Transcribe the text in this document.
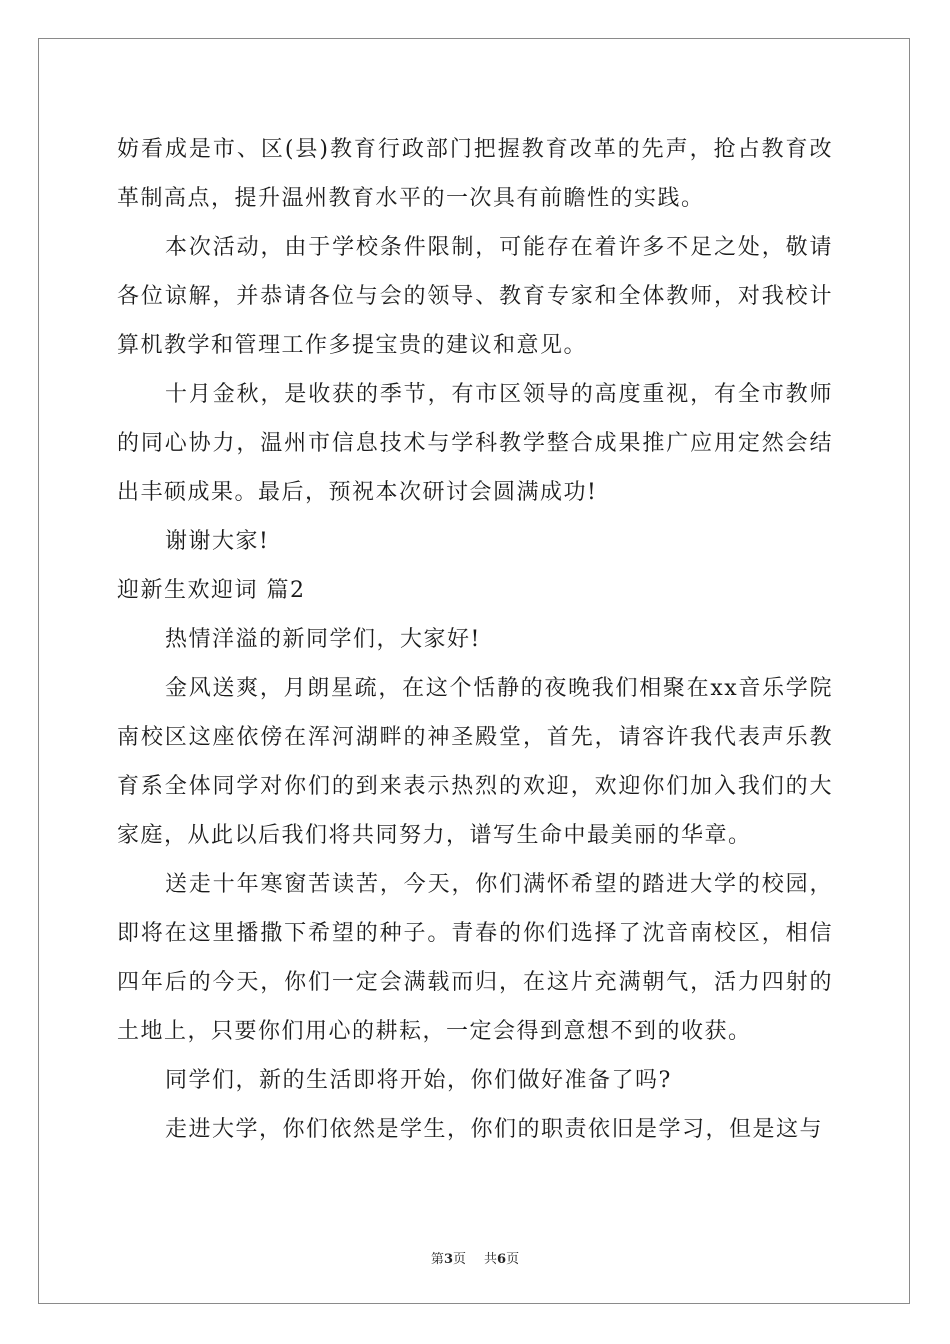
妨看成是市、区(县)教育行政部门把握教育改革的先声，抢占教育改革制高点，提升温州教育水平的一次具有前瞻性的实践。

本次活动，由于学校条件限制，可能存在着许多不足之处，敬请各位谅解，并恭请各位与会的领导、教育专家和全体教师，对我校计算机教学和管理工作多提宝贵的建议和意见。

十月金秋，是收获的季节，有市区领导的高度重视，有全市教师的同心协力，温州市信息技术与学科教学整合成果推广应用定然会结出丰硕成果。最后，预祝本次研讨会圆满成功!

谢谢大家!

迎新生欢迎词 篇2

热情洋溢的新同学们，大家好!

金风送爽，月朗星疏，在这个恬静的夜晚我们相聚在xx音乐学院南校区这座依傍在浑河湖畔的神圣殿堂，首先，请容许我代表声乐教育系全体同学对你们的到来表示热烈的欢迎，欢迎你们加入我们的大家庭，从此以后我们将共同努力，谱写生命中最美丽的华章。

送走十年寒窗苦读苦，今天，你们满怀希望的踏进大学的校园，即将在这里播撒下希望的种子。青春的你们选择了沈音南校区，相信四年后的今天，你们一定会满载而归，在这片充满朝气，活力四射的土地上，只要你们用心的耕耘，一定会得到意想不到的收获。

同学们，新的生活即将开始，你们做好准备了吗?

走进大学，你们依然是学生，你们的职责依旧是学习，但是这与

第3页 共6页
